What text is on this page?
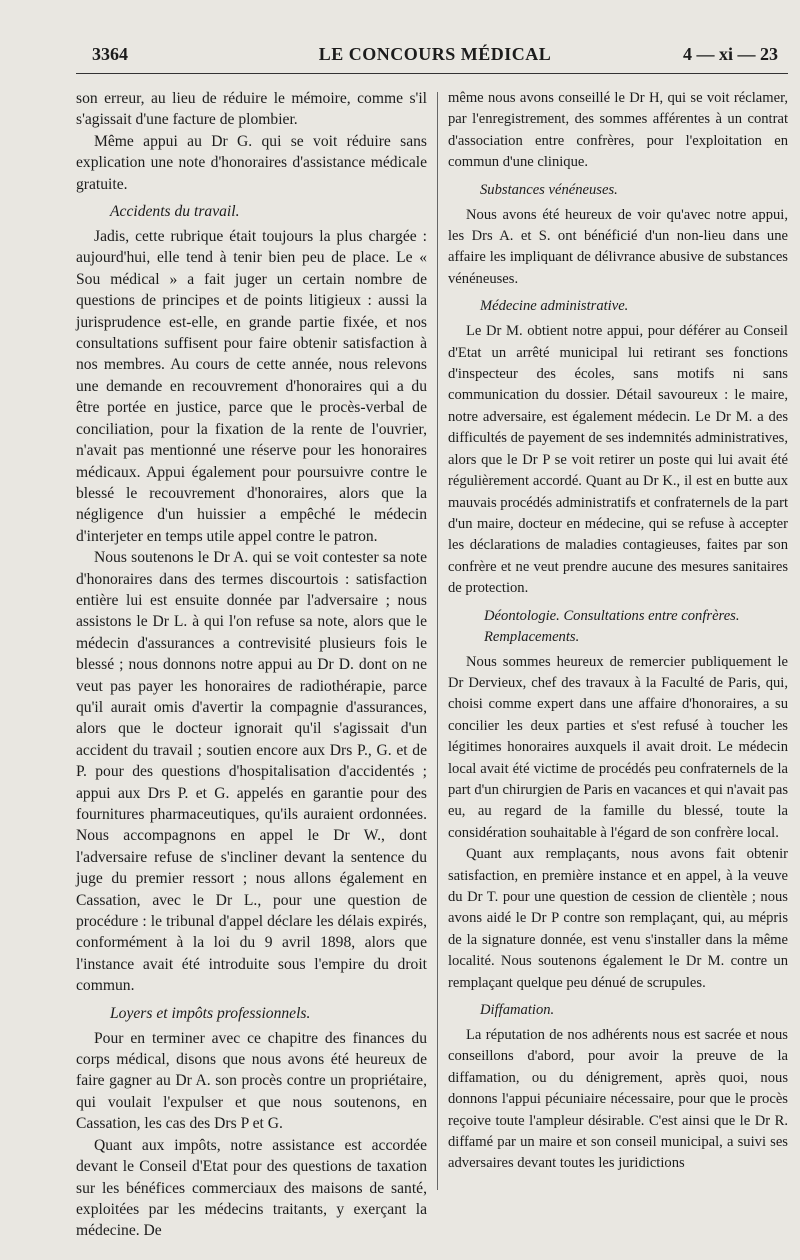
3364	LE CONCOURS MÉDICAL	4 — xi — 23

son erreur, au lieu de réduire le mémoire, comme s'il s'agissait d'une facture de plombier.

Même appui au Dr G. qui se voit réduire sans explication une note d'honoraires d'assistance médicale gratuite.

Accidents du travail.

Jadis, cette rubrique était toujours la plus chargée : aujourd'hui, elle tend à tenir bien peu de place. Le « Sou médical » a fait juger un certain nombre de questions de principes et de points litigieux : aussi la jurisprudence est-elle, en grande partie fixée, et nos consultations suffisent pour faire obtenir satisfaction à nos membres. Au cours de cette année, nous relevons une demande en recouvrement d'honoraires qui a du être portée en justice, parce que le procès-verbal de conciliation, pour la fixation de la rente de l'ouvrier, n'avait pas mentionné une réserve pour les honoraires médicaux. Appui également pour poursuivre contre le blessé le recouvrement d'honoraires, alors que la négligence d'un huissier a empêché le médecin d'interjeter en temps utile appel contre le patron.

Nous soutenons le Dr A. qui se voit contester sa note d'honoraires dans des termes discourtois : satisfaction entière lui est ensuite donnée par l'adversaire ; nous assistons le Dr L. à qui l'on refuse sa note, alors que le médecin d'assurances a contrevisité plusieurs fois le blessé ; nous donnons notre appui au Dr D. dont on ne veut pas payer les honoraires de radiothérapie, parce qu'il aurait omis d'avertir la compagnie d'assurances, alors que le docteur ignorait qu'il s'agissait d'un accident du travail ; soutien encore aux Drs P., G. et de P. pour des questions d'hospitalisation d'accidentés ; appui aux Drs P. et G. appelés en garantie pour des fournitures pharmaceutiques, qu'ils auraient ordonnées. Nous accompagnons en appel le Dr W., dont l'adversaire refuse de s'incliner devant la sentence du juge du premier ressort ; nous allons également en Cassation, avec le Dr L., pour une question de procédure : le tribunal d'appel déclare les délais expirés, conformément à la loi du 9 avril 1898, alors que l'instance avait été introduite sous l'empire du droit commun.

Loyers et impôts professionnels.

Pour en terminer avec ce chapitre des finances du corps médical, disons que nous avons été heureux de faire gagner au Dr A. son procès contre un propriétaire, qui voulait l'expulser et que nous soutenons, en Cassation, les cas des Drs P et G.

Quant aux impôts, notre assistance est accordée devant le Conseil d'Etat pour des questions de taxation sur les bénéfices commerciaux des maisons de santé, exploitées par les médecins traitants, y exerçant la médecine. De

même nous avons conseillé le Dr H, qui se voit réclamer, par l'enregistrement, des sommes afférentes à un contrat d'association entre confrères, pour l'exploitation en commun d'une clinique.

Substances vénéneuses.

Nous avons été heureux de voir qu'avec notre appui, les Drs A. et S. ont bénéficié d'un non-lieu dans une affaire les impliquant de délivrance abusive de substances vénéneuses.

Médecine administrative.

Le Dr M. obtient notre appui, pour déférer au Conseil d'Etat un arrêté municipal lui retirant ses fonctions d'inspecteur des écoles, sans motifs ni sans communication du dossier. Détail savoureux : le maire, notre adversaire, est également médecin. Le Dr M. a des difficultés de payement de ses indemnités administratives, alors que le Dr P se voit retirer un poste qui lui avait été régulièrement accordé. Quant au Dr K., il est en butte aux mauvais procédés administratifs et confraternels de la part d'un maire, docteur en médecine, qui se refuse à accepter les déclarations de maladies contagieuses, faites par son confrère et ne veut prendre aucune des mesures sanitaires de protection.

Déontologie. Consultations entre confrères. Remplacements.

Nous sommes heureux de remercier publiquement le Dr Dervieux, chef des travaux à la Faculté de Paris, qui, choisi comme expert dans une affaire d'honoraires, a su concilier les deux parties et s'est refusé à toucher les légitimes honoraires auxquels il avait droit. Le médecin local avait été victime de procédés peu confraternels de la part d'un chirurgien de Paris en vacances et qui n'avait pas eu, au regard de la famille du blessé, toute la considération souhaitable à l'égard de son confrère local.

Quant aux remplaçants, nous avons fait obtenir satisfaction, en première instance et en appel, à la veuve du Dr T. pour une question de cession de clientèle ; nous avons aidé le Dr P contre son remplaçant, qui, au mépris de la signature donnée, est venu s'installer dans la même localité. Nous soutenons également le Dr M. contre un remplaçant quelque peu dénué de scrupules.

Diffamation.

La réputation de nos adhérents nous est sacrée et nous conseillons d'abord, pour avoir la preuve de la diffamation, ou du dénigrement, après quoi, nous donnons l'appui pécuniaire nécessaire, pour que le procès reçoive toute l'ampleur désirable. C'est ainsi que le Dr R. diffamé par un maire et son conseil municipal, a suivi ses adversaires devant toutes les juridictions
